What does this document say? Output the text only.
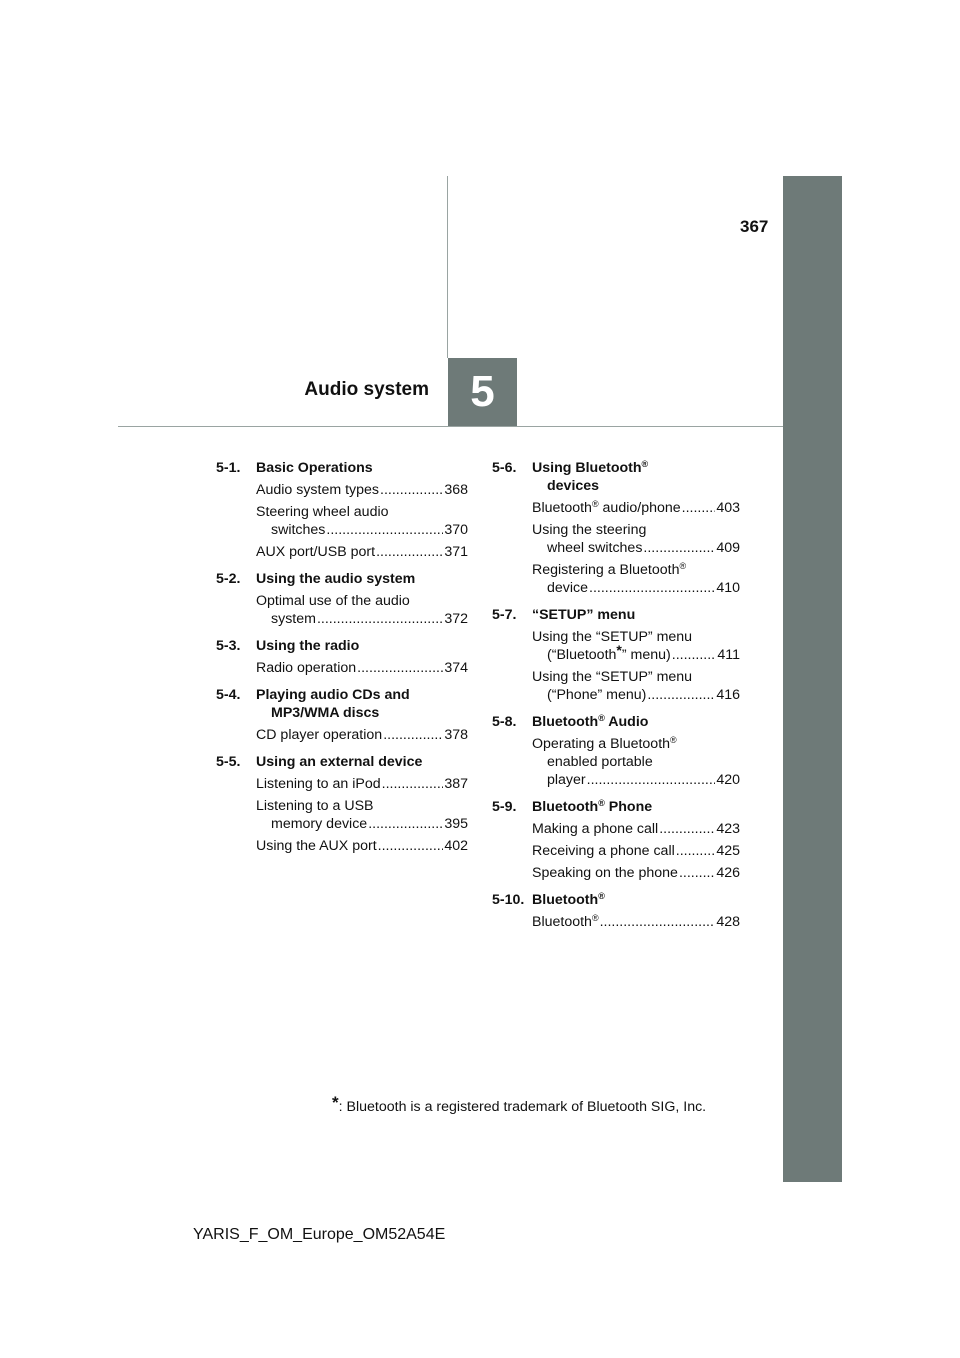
367
Audio system 5
5-1.	Basic Operations
Audio system types .....	368
Steering wheel audio
switches .....	370
AUX port/USB port .....	371
5-2.	Using the audio system
Optimal use of the audio
system .....	372
5-3.	Using the radio
Radio operation .....	374
5-4.	Playing audio CDs and
MP3/WMA discs
CD player operation .....	378
5-5.	Using an external device
Listening to an iPod .....	387
Listening to a USB
memory device .....	395
Using the AUX port .....	402
5-6.	Using Bluetooth®
devices
Bluetooth® audio/phone .....	403
Using the steering
wheel switches .....	409
Registering a Bluetooth®
device .....	410
5-7.	“SETUP” menu
Using the “SETUP” menu
(“Bluetooth*” menu) .....	411
Using the “SETUP” menu
(“Phone” menu) .....	416
5-8.	Bluetooth® Audio
Operating a Bluetooth®
enabled portable
player .....	420
5-9.	Bluetooth® Phone
Making a phone call .....	423
Receiving a phone call .....	425
Speaking on the phone .....	426
5-10. Bluetooth®
Bluetooth® .....	428
*: Bluetooth is a registered trademark of Bluetooth SIG, Inc.
YARIS_F_OM_Europe_OM52A54E
